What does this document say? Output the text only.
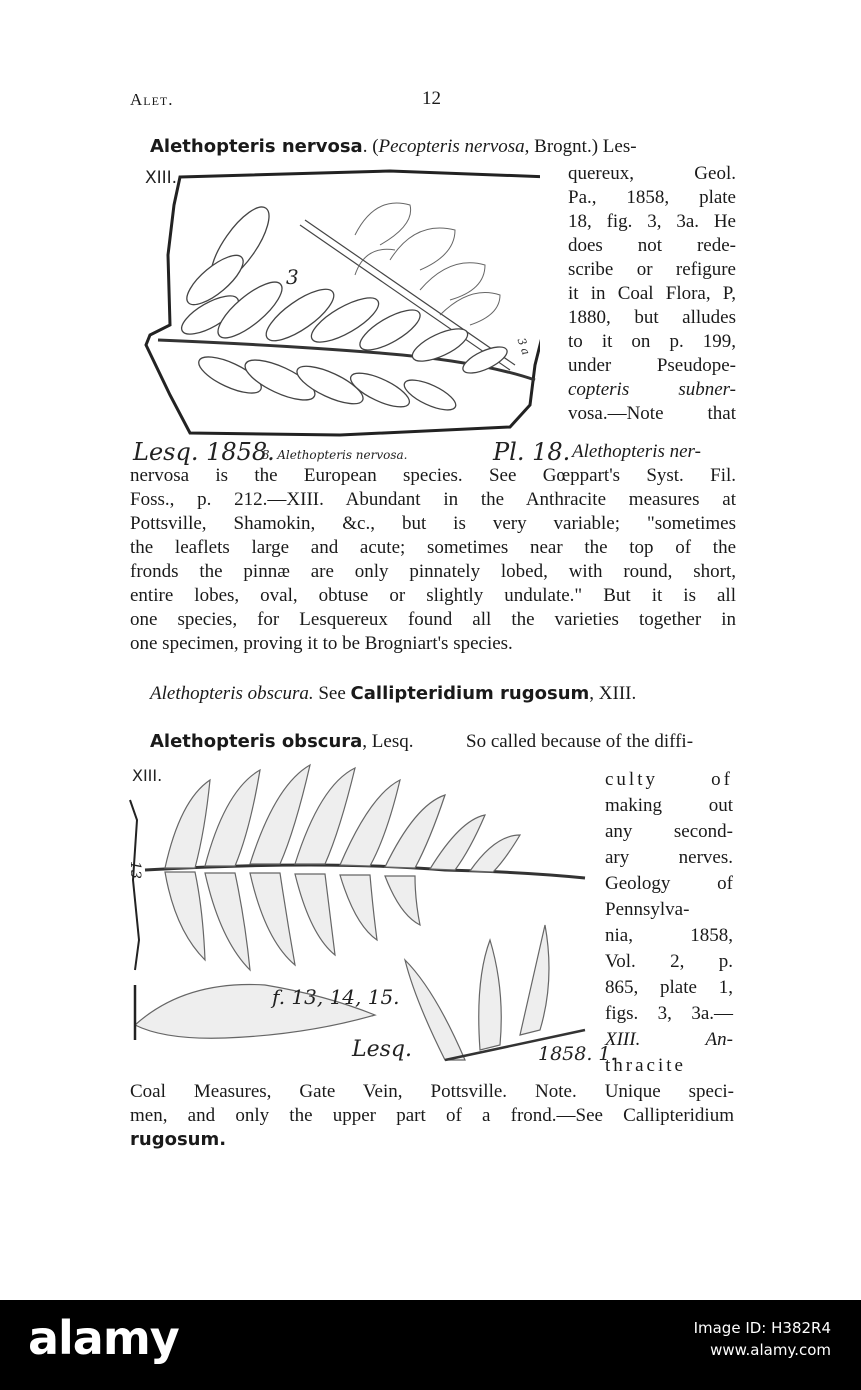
Alet.	12
Alethopteris nervosa. (Pecopteris nervosa, Brognt.) Les-
XIII.
3
3 a
Lesq. 1858.
3. Alethopteris nervosa.	Pl. 18.
quereux, Geol.
Pa., 1858, plate
18, fig. 3, 3a. He
does not rede-
scribe or refigure
it in Coal Flora, P,
1880, but alludes
to it on p. 199,
under Pseudope-
copteris subner-
vosa.—Note that
Alethopteris ner-
nervosa is the European species. See Gœppart's Syst. Fil.
Foss., p. 212.—XIII. Abundant in the Anthracite measures at
Pottsville, Shamokin, &c., but is very variable; "sometimes
the leaflets large and acute; sometimes near the top of the
fronds the pinnæ are only pinnately lobed, with round, short,
entire lobes, oval, obtuse or slightly undulate." But it is all
one species, for Lesquereux found all the varieties together in
one specimen, proving it to be Brogniart's species.
Alethopteris obscura. See Callipteridium rugosum, XIII.
Alethopteris obscura, Lesq.	So called because of the diffi-
XIII.
13
f. 13, 14, 15.
Lesq.	1858. 1.
culty of
making out
any second-
ary nerves.
Geology of
Pennsylva-
nia, 1858,
Vol. 2, p.
865, plate 1,
figs. 3, 3a.—
XIII. An-
thracite
Coal Measures, Gate Vein, Pottsville. Note. Unique speci-
men, and only the upper part of a frond.—See Callipteridium
rugosum.
alamy	Image ID: H382R4
www.alamy.com
